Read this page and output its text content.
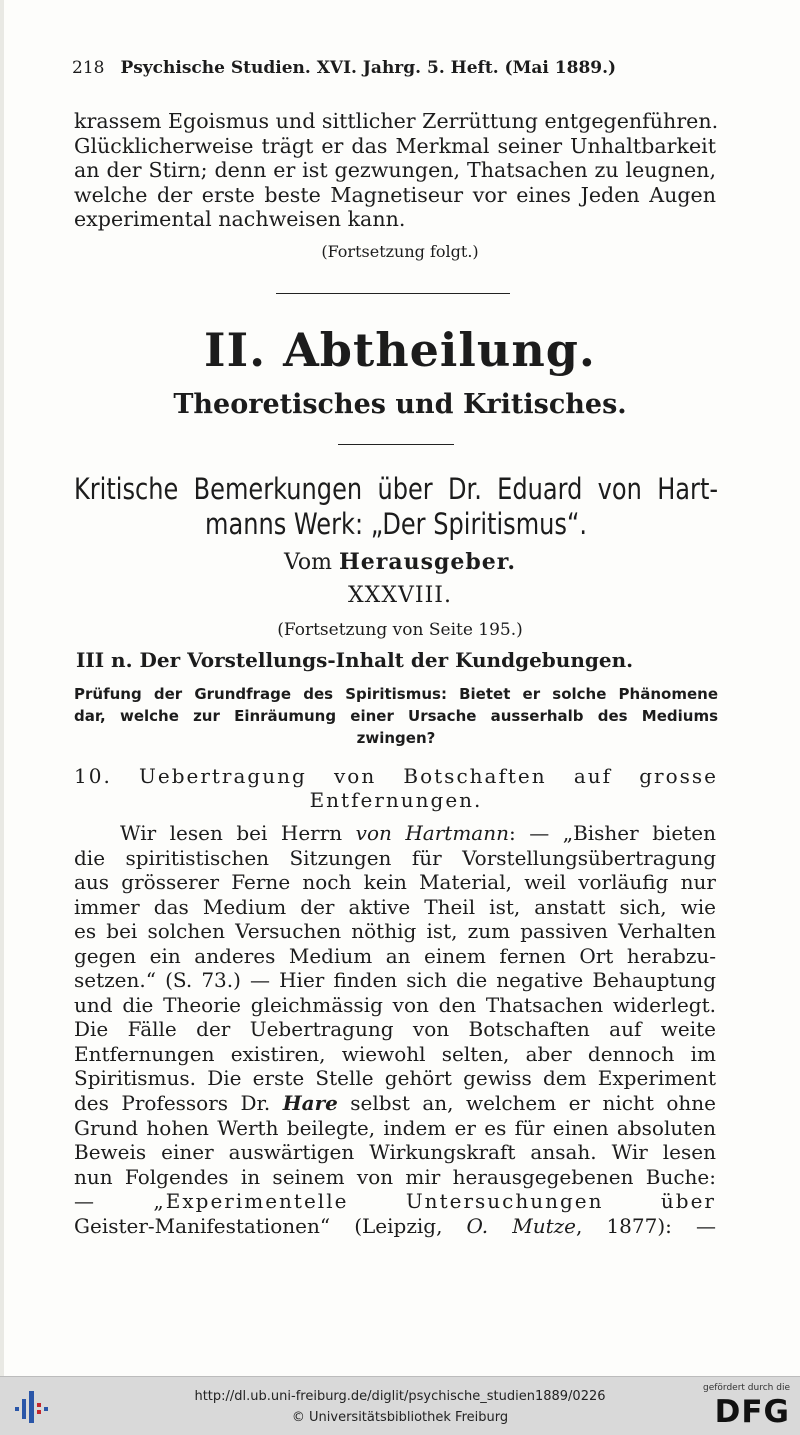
218 Psychische Studien. XVI. Jahrg. 5. Heft. (Mai 1889.)
krassem Egoismus und sittlicher Zerrüttung entgegenführen.
Glücklicherweise trägt er das Merkmal seiner Unhaltbarkeit
an der Stirn; denn er ist gezwungen, Thatsachen zu leugnen,
welche der erste beste Magnetiseur vor eines Jeden Augen
experimental nachweisen kann.
(Fortsetzung folgt.)
II. Abtheilung.
Theoretisches und Kritisches.
Kritische Bemerkungen über Dr. Eduard von Hart-
manns Werk: „Der Spiritismus“.
Vom Herausgeber.
XXXVIII.
(Fortsetzung von Seite 195.)
III n. Der Vorstellungs-Inhalt der Kundgebungen.
Prüfung der Grundfrage des Spiritismus: Bietet er solche Phänomene
dar, welche zur Einräumung einer Ursache ausserhalb des Mediums
zwingen?
10. Uebertragung von Botschaften auf grosse
Entfernungen.
Wir lesen bei Herrn von Hartmann: — „Bisher bieten
die spiritistischen Sitzungen für Vorstellungsübertragung
aus grösserer Ferne noch kein Material, weil vorläufig nur
immer das Medium der aktive Theil ist, anstatt sich, wie
es bei solchen Versuchen nöthig ist, zum passiven Verhalten
gegen ein anderes Medium an einem fernen Ort herabzu-
setzen.“ (S. 73.) — Hier finden sich die negative Behauptung
und die Theorie gleichmässig von den Thatsachen widerlegt.
Die Fälle der Uebertragung von Botschaften auf weite
Entfernungen existiren, wiewohl selten, aber dennoch im
Spiritismus. Die erste Stelle gehört gewiss dem Experiment
des Professors Dr. Hare selbst an, welchem er nicht ohne
Grund hohen Werth beilegte, indem er es für einen absoluten
Beweis einer auswärtigen Wirkungskraft ansah. Wir lesen
nun Folgendes in seinem von mir herausgegebenen Buche:
— „Experimentelle Untersuchungen über
Geister-Manifestationen“ (Leipzig, O. Mutze, 1877): —
http://dl.ub.uni-freiburg.de/diglit/psychische_studien1889/0226
© Universitätsbibliothek Freiburg
gefördert durch die
DFG
